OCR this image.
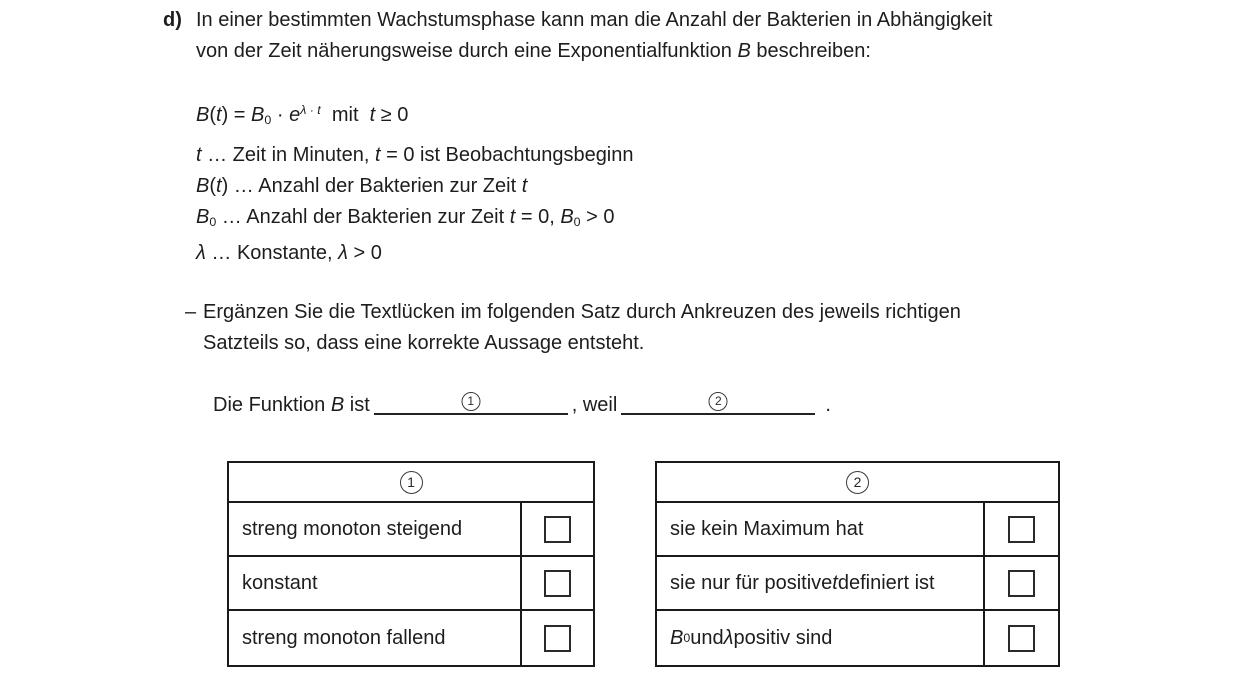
d) In einer bestimmten Wachstumsphase kann man die Anzahl der Bakterien in Abhängigkeit
von der Zeit näherungsweise durch eine Exponentialfunktion B beschreiben:
$B(t) = B0 \cdot e^{\lambda \cdot t}$  mit  t ≥ 0
t … Zeit in Minuten, t = 0 ist Beobachtungsbeginn
B(t) … Anzahl der Bakterien zur Zeit t
B0 … Anzahl der Bakterien zur Zeit t = 0, B0 > 0
λ … Konstante, λ > 0
– Ergänzen Sie die Textlücken im folgenden Satz durch Ankreuzen des jeweils richtigen
Satzteils so, dass eine korrekte Aussage entsteht.
Die Funktion B ist	1	, weil	2	.
1
streng monoton steigend
konstant
streng monoton fallend
2
sie kein Maximum hat
sie nur für positive t definiert ist
B 0 und λ positiv sind
